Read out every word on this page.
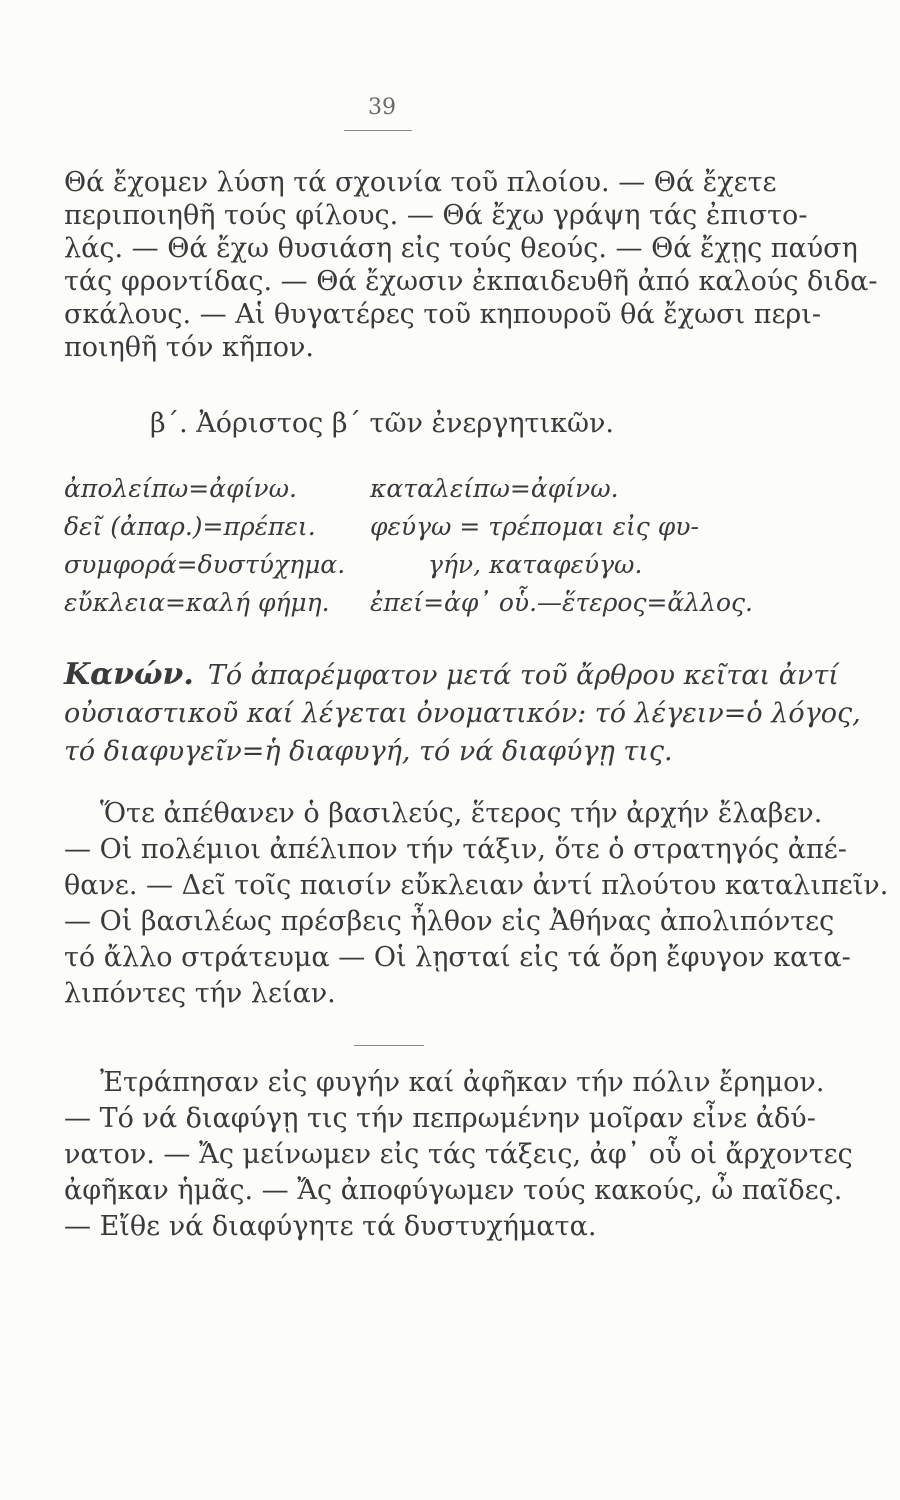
39
Θά ἔχομεν λύση τά σχοινία τοῦ πλοίου. — Θά ἔχετε
περιποιηθῆ τούς φίλους. — Θά ἔχω γράψη τάς ἐπιστο-
λάς. — Θά ἔχω θυσιάση εἰς τούς θεούς. — Θά ἔχῃς παύση
τάς φροντίδας. — Θά ἔχωσιν ἐκπαιδευθῆ ἀπό καλούς διδα-
σκάλους. — Αἱ θυγατέρες τοῦ κηπουροῦ θά ἔχωσι περι-
ποιηθῆ τόν κῆπον.
β΄. Ἀόριστος β΄ τῶν ἐνεργητικῶν.
ἀπολείπω=ἀφίνω.
δεῖ (ἀπαρ.)=πρέπει.
συμφορά=δυστύχημα.
εὔκλεια=καλή φήμη.
καταλείπω=ἀφίνω.
φεύγω = τρέπομαι εἰς φυ-
γήν, καταφεύγω.
ἐπεί=ἀφ᾽ οὗ.—ἕτερος=ἄλλος.
Κανών. Τό ἀπαρέμφατον μετά τοῦ ἄρθρου κεῖται ἀντί
οὐσιαστικοῦ καί λέγεται ὀνοματικόν: τό λέγειν=ὁ λόγος,
τό διαφυγεῖν=ἡ διαφυγή, τό νά διαφύγῃ τις.
Ὅτε ἀπέθανεν ὁ βασιλεύς, ἕτερος τήν ἀρχήν ἔλαβεν.
— Οἱ πολέμιοι ἀπέλιπον τήν τάξιν, ὅτε ὁ στρατηγός ἀπέ-
θανε. — Δεῖ τοῖς παισίν εὔκλειαν ἀντί πλούτου καταλιπεῖν.
— Οἱ βασιλέως πρέσβεις ἦλθον εἰς Ἀθήνας ἀπολιπόντες
τό ἄλλο στράτευμα — Οἱ λῃσταί εἰς τά ὄρη ἔφυγον κατα-
λιπόντες τήν λείαν.
Ἐτράπησαν εἰς φυγήν καί ἀφῆκαν τήν πόλιν ἔρημον.
— Τό νά διαφύγῃ τις τήν πεπρωμένην μοῖραν εἶνε ἀδύ-
νατον. — Ἄς μείνωμεν εἰς τάς τάξεις, ἀφ᾽ οὗ οἱ ἄρχοντες
ἀφῆκαν ἡμᾶς. — Ἄς ἀποφύγωμεν τούς κακούς, ὦ παῖδες.
— Εἴθε νά διαφύγητε τά δυστυχήματα.
